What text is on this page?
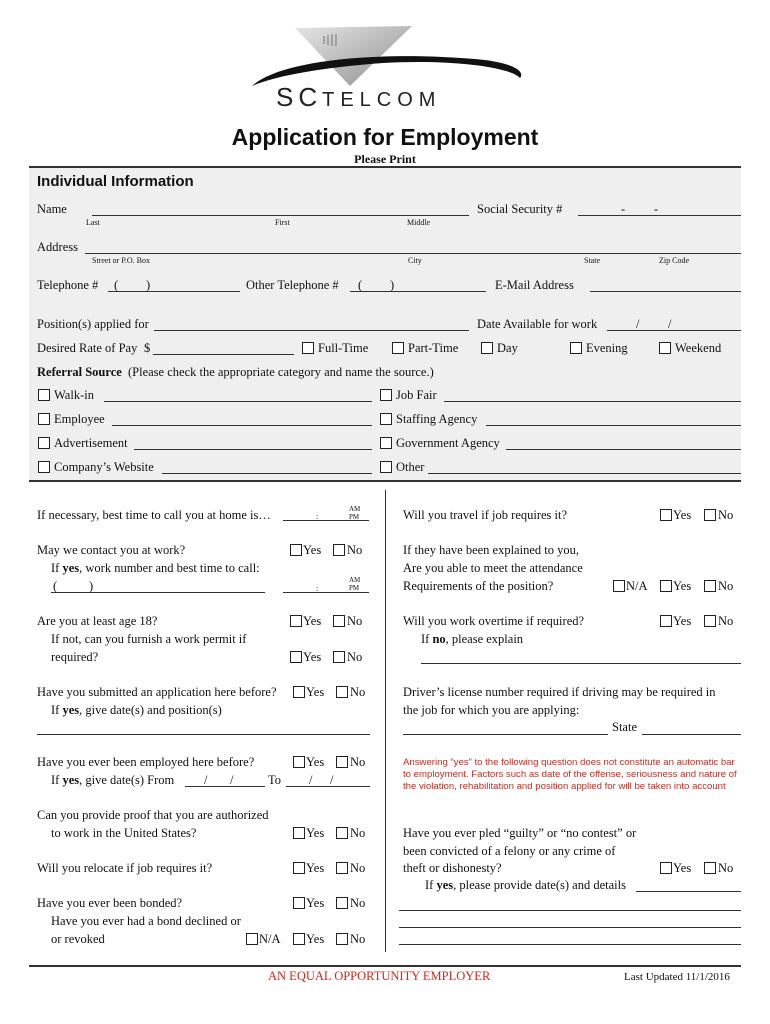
SCTELCOM
Application for Employment
Please Print
Individual Information
Name
Last	First	Middle
Social Security #	- -
Address
Street or P.O. Box	City	State	Zip Code
Telephone # ( )	Other Telephone # ( )	E-Mail Address
Position(s) applied for	Date Available for work	/ /
Desired Rate of Pay $	Full-Time	Part-Time	Day	Evening	Weekend
Referral Source (Please check the appropriate category and name the source.)
Walk-in	Job Fair
Employee	Staffing Agency
Advertisement	Government Agency
Company’s Website	Other
If necessary, best time to call you at home is…	:
AM
PM
May we contact you at work?	Yes No
If yes, work number and best time to call:
(	)	:
AM
PM
Are you at least age 18?	Yes No
If not, can you furnish a work permit if
required?	Yes No
Have you submitted an application here before? Yes No
If yes, give date(s) and position(s)
Have you ever been employed here before?	Yes No
If yes, give date(s) From / /	To / /
Can you provide proof that you are authorized
to work in the United States?	Yes No
Will you relocate if job requires it?	Yes No
Have you ever been bonded?	Yes No
Have you ever had a bond declined or
or revoked	N/A Yes No
Will you travel if job requires it?	Yes No
If they have been explained to you,
Are you able to meet the attendance
Requirements of the position?	N/A Yes No
Will you work overtime if required?	Yes No
If no, please explain
Driver’s license number required if driving may be required in
the job for which you are applying:
State
Answering “yes” to the following question does not constitute an automatic bar to employment. Factors such as date of the offense, seriousness and nature of the violation, rehabilitation and position applied for will be taken into account
Have you ever pled “guilty” or “no contest” or
been convicted of a felony or any crime of
theft or dishonesty?	Yes No
If yes, please provide date(s) and details
AN EQUAL OPPORTUNITY EMPLOYER	Last Updated 11/1/2016
